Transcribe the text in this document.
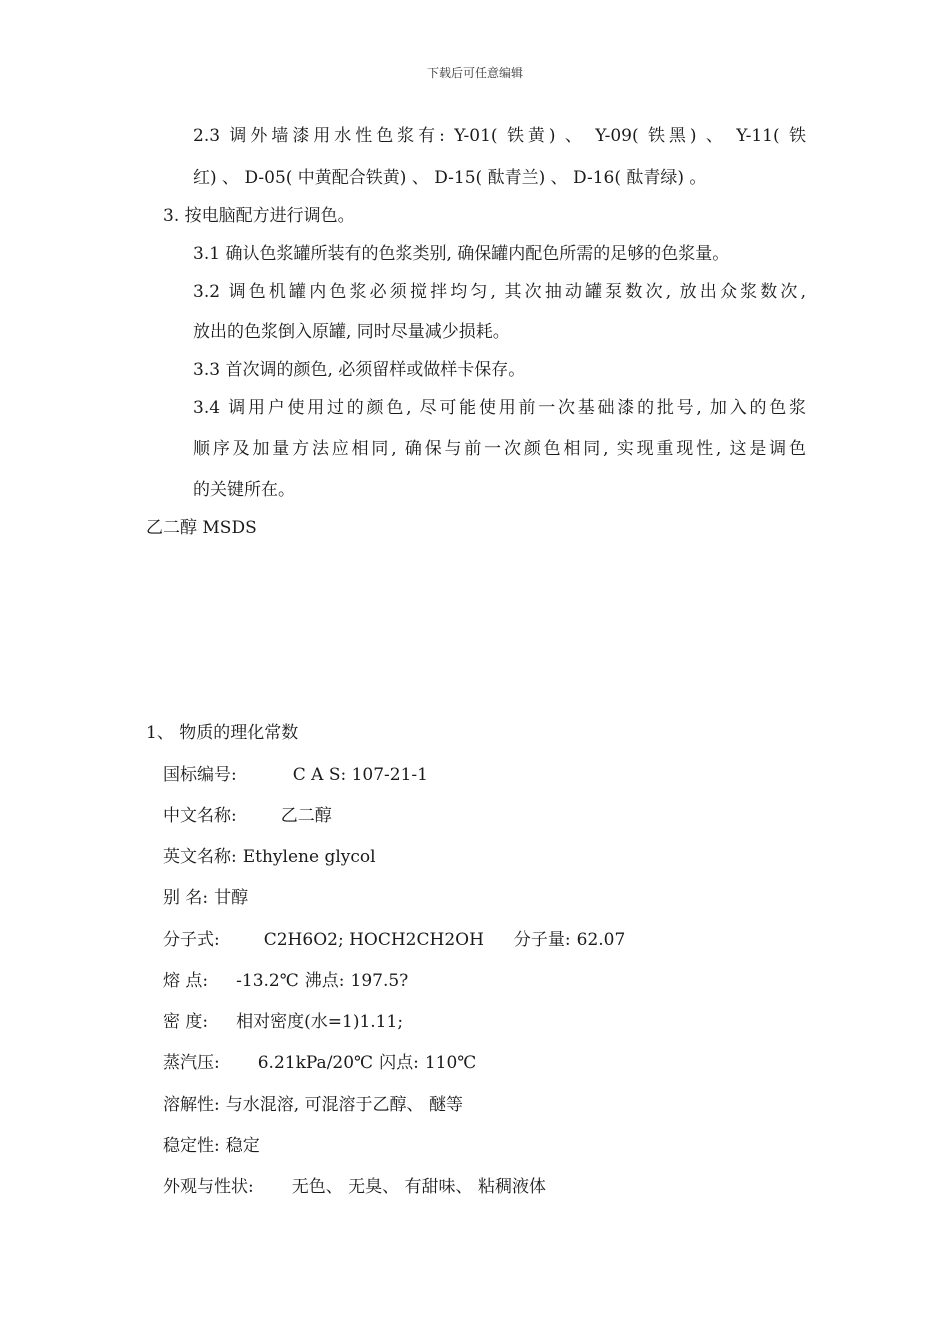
下载后可任意编辑
2.3 调外墙漆用水性色浆有: Y-01( 铁黄) 、 Y-09( 铁黑) 、 Y-11( 铁
红) 、 D-05( 中黄配合铁黄) 、 D-15( 酞青兰) 、 D-16( 酞青绿) 。
3. 按电脑配方进行调色。
3.1 确认色浆罐所装有的色浆类别, 确保罐内配色所需的足够的色浆量。
3.2 调色机罐内色浆必须搅拌均匀, 其次抽动罐泵数次, 放出众浆数次,
放出的色浆倒入原罐, 同时尽量减少损耗。
3.3 首次调的颜色, 必须留样或做样卡保存。
3.4 调用户使用过的颜色, 尽可能使用前一次基础漆的批号, 加入的色浆
顺序及加量方法应相同, 确保与前一次颜色相同, 实现重现性, 这是调色
的关键所在。
乙二醇 MSDS
1、 物质的理化常数
国标编号:	C A S: 107-21-1
中文名称:	乙二醇
英文名称: Ethylene glycol
别 名: 甘醇
分子式:	C2H6O2; HOCH2CH2OH 分子量: 62.07
熔 点: -13.2℃ 沸点: 197.5?
密 度: 相对密度(水=1)1.11;
蒸汽压: 6.21kPa/20℃ 闪点: 110℃
溶解性: 与水混溶, 可混溶于乙醇、 醚等
稳定性: 稳定
外观与性状: 无色、 无臭、 有甜味、 粘稠液体
